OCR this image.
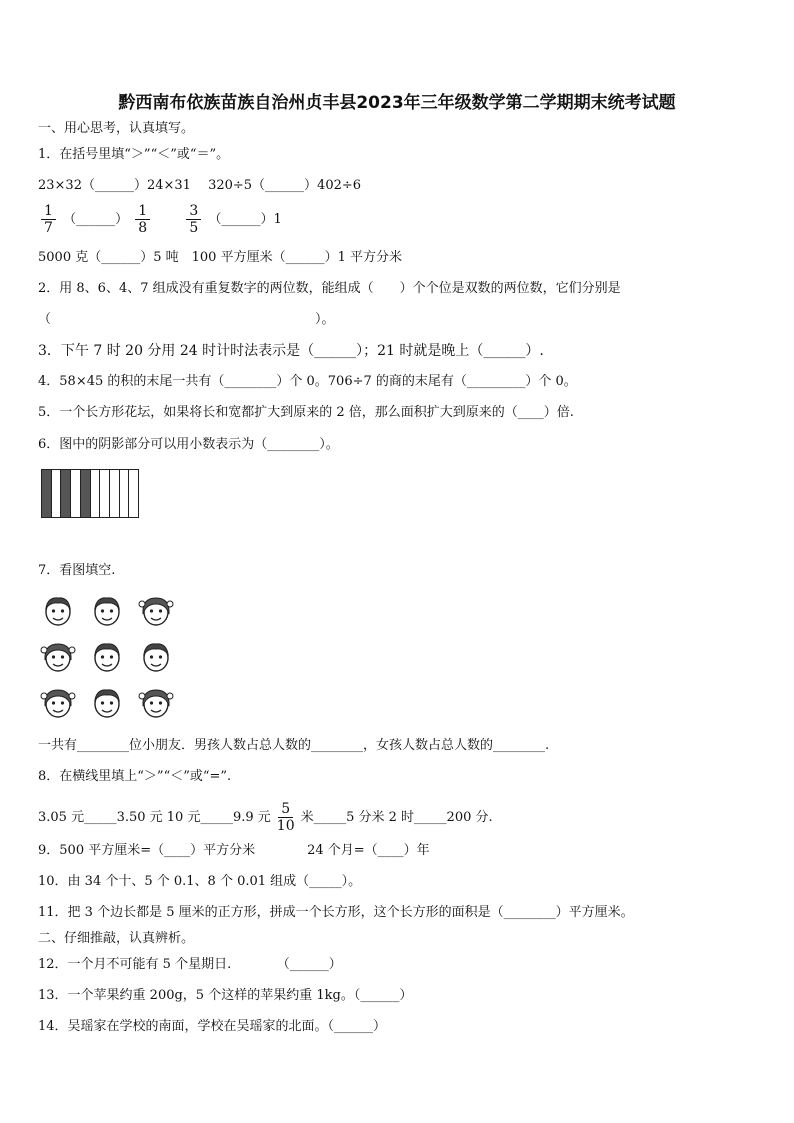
黔西南布依族苗族自治州贞丰县2023年三年级数学第二学期期末统考试题
一、用心思考，认真填写。
1．在括号里填“＞”“＜”或“＝”。
23×32（______）24×31　 320÷5（______）402÷6
$\frac{1}{7}$ （______） $\frac{1}{8}$
	$\frac{3}{5}$ （______）1
5000 克（______）5 吨　100 平方厘米（______）1 平方分米
2．用 8、6、4、7 组成没有重复数字的两位数，能组成（　　）个个位是双数的两位数，它们分别是
（	）。
3．下午 7 时 20 分用 24 时计时法表示是（______）；21 时就是晚上（______）.
4．58×45 的积的末尾一共有（________）个 0。706÷7 的商的末尾有（_________）个 0。
5．一个长方形花坛，如果将长和宽都扩大到原来的 2 倍，那么面积扩大到原来的（____）倍.
6．图中的阴影部分可以用小数表示为（________）。
7．看图填空.
一共有________位小朋友．男孩人数占总人数的________，女孩人数占总人数的________.
8．在横线里填上“＞”“＜”或“=”.
3.05 元_____3.50 元 10 元_____9.9 元 $\frac{5}{10}$ 米_____5 分米 2 时_____200 分.
9．500 平方厘米=（____）平方分米　　　　24 个月=（____）年
10．由 34 个十、5 个 0.1、8 个 0.01 组成（_____）。
11．把 3 个边长都是 5 厘米的正方形，拼成一个长方形，这个长方形的面积是（________）平方厘米。
二、仔细推敲，认真辨析。
12．一个月不可能有 5 个星期日.　　　　（______）
13．一个苹果约重 200g，5 个这样的苹果约重 1kg。（______）
14．吴瑶家在学校的南面，学校在吴瑶家的北面。（______）
